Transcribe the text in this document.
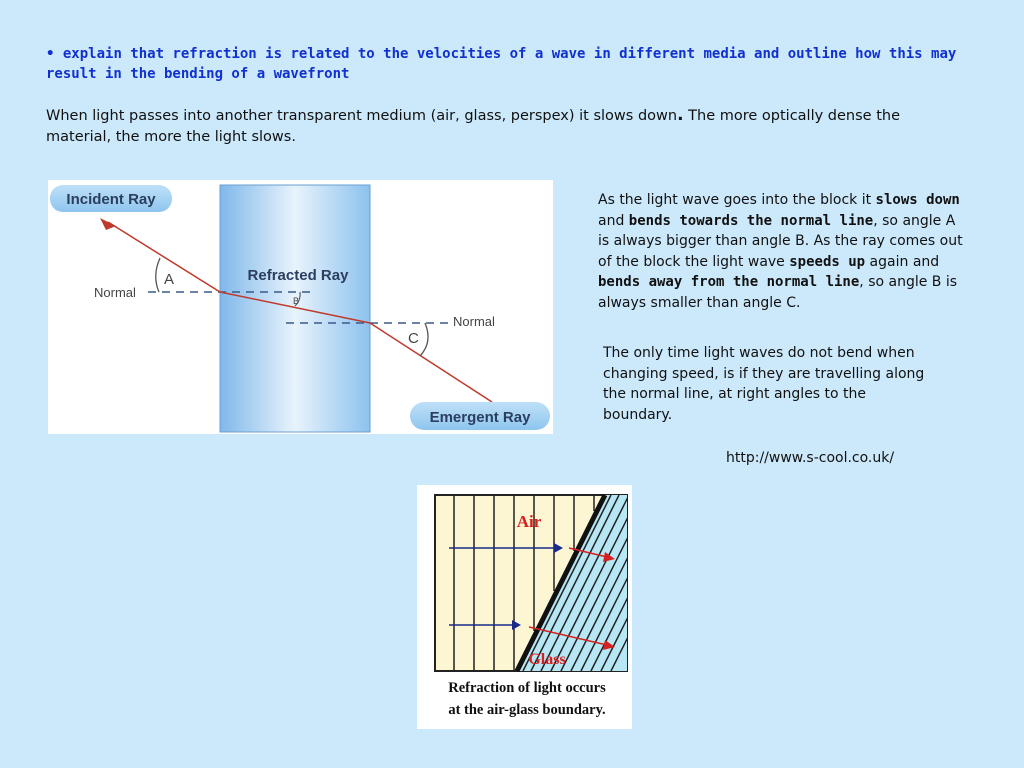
• explain that refraction is related to the velocities of a wave in different media and outline how this may result in the bending of a wavefront
When light passes into another transparent medium (air, glass, perspex) it slows down. The more optically dense the material, the more the light slows.
Incident Ray
Emergent Ray
Refracted Ray
Normal
Normal
A
B
C
As the light wave goes into the block it slows down and bends towards the normal line, so angle A is always bigger than angle B. As the ray comes out of the block the light wave speeds up again and bends away from the normal line, so angle B is always smaller than angle C.
The only time light waves do not bend when changing speed, is if they are travelling along the normal line, at right angles to the boundary.
http://www.s-cool.co.uk/
Air
Glass
Refraction of light occurs
at the air-glass boundary.
